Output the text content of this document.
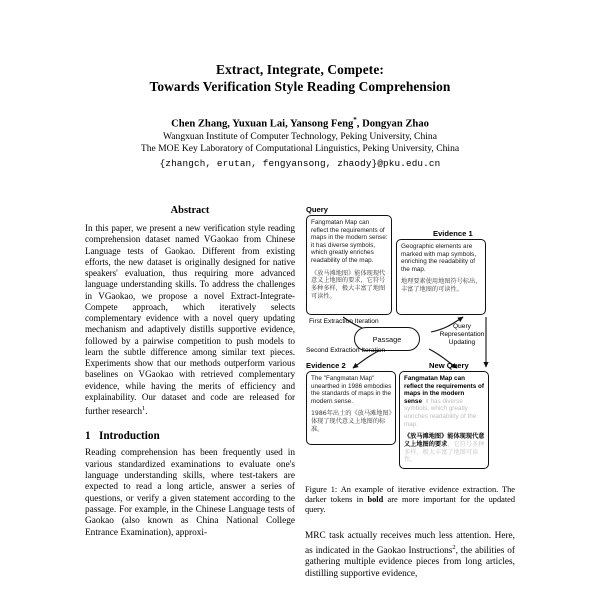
Extract, Integrate, Compete:
Towards Verification Style Reading Comprehension
Chen Zhang, Yuxuan Lai, Yansong Feng*, Dongyan Zhao
Wangxuan Institute of Computer Technology, Peking University, China
The MOE Key Laboratory of Computational Linguistics, Peking University, China
{zhangch, erutan, fengyansong, zhaody}@pku.edu.cn
Abstract

In this paper, we present a new verification style reading comprehension dataset named VGaokao from Chinese Language tests of Gaokao. Different from existing efforts, the new dataset is originally designed for native speakers' evaluation, thus requiring more advanced language understanding skills. To address the challenges in VGaokao, we propose a novel Extract-Integrate-Compete approach, which iteratively selects complementary evidence with a novel query updating mechanism and adaptively distills supportive evidence, followed by a pairwise competition to push models to learn the subtle difference among similar text pieces. Experiments show that our methods outperform various baselines on VGaokao with retrieved complementary evidence, while having the merits of efficiency and explainability. Our dataset and code are released for further research$^1$.

1 Introduction

Reading comprehension has been frequently used in various standardized examinations to evaluate one's language understanding skills, where test-takers are expected to read a long article, answer a series of questions, or verify a given statement according to the passage. For example, in the Chinese Language tests of Gaokao (also known as China National College Entrance Examination), approxi-

Query
Fangmatan Map can reflect the requirements of maps in the modern sense: it has diverse symbols, which greatly enriches readability of the map.
《放马滩地图》能体现现代意义上地图的要求，它符号多种多样，极大丰富了地图可读性。
Evidence 1
Geographic elements are marked with map symbols, enriching the readability of the map.
地理要素使用地图符号标出，丰富了地图的可读性。
Passage
First Extraction Iteration
Second Extraction Iteration
Query Representation Updating
Evidence 2
The "Fangmatan Map" unearthed in 1986 embodies the standards of maps in the modern sense.
1986年出土的《放马滩地图》体现了现代意义上地图的标准。
New Query
Fangmatan Map can reflect the requirements of maps in the modern sense: it has diverse symbols, which greatly enriches readability of the map.
《放马滩地图》能体现现代意义上地图的要求，它符号多种多样，极大丰富了地图可读性。

Figure 1: An example of iterative evidence extraction. The darker tokens in bold are more important for the updated query.

MRC task actually receives much less attention. Here, as indicated in the Gaokao Instructions$^2$, the abilities of gathering multiple evidence pieces from long articles, distilling supportive evidence,
